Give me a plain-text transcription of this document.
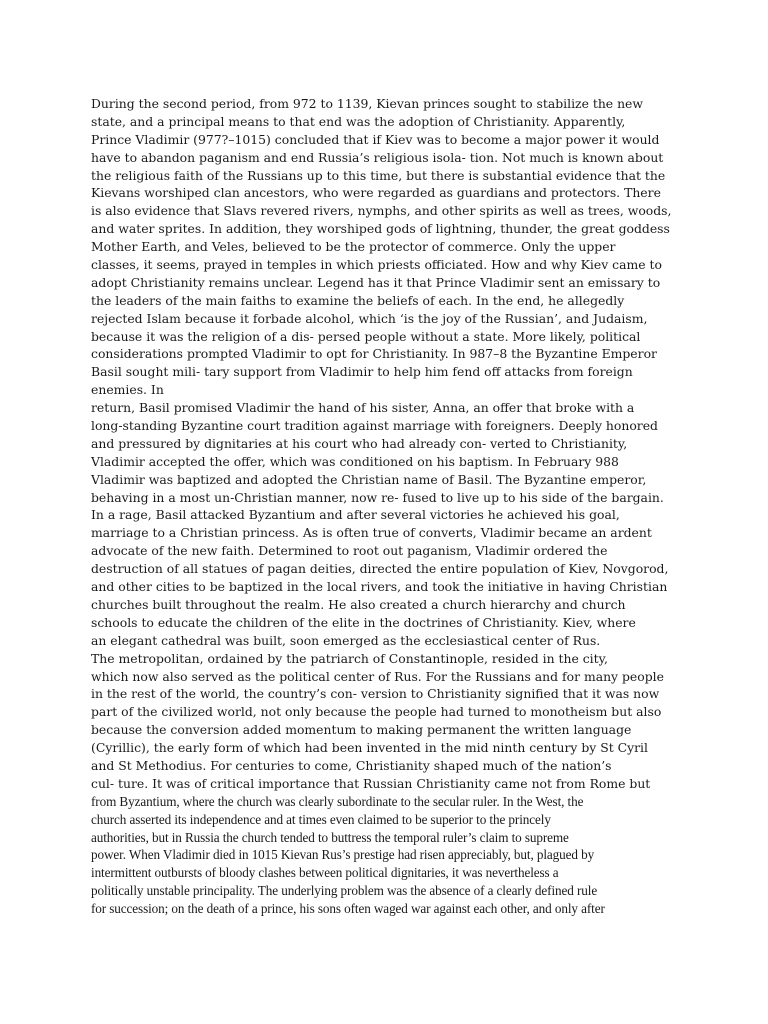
During the second period, from 972 to 1139, Kievan princes sought to stabilize the new
state, and a principal means to that end was the adoption of Christianity. Apparently,
Prince Vladimir (977?–1015) concluded that if Kiev was to become a major power it would
have to abandon paganism and end Russia’s religious isola- tion. Not much is known about
the religious faith of the Russians up to this time, but there is substantial evidence that the
Kievans worshiped clan ancestors, who were regarded as guardians and protectors. There
is also evidence that Slavs revered rivers, nymphs, and other spirits as well as trees, woods,
and water sprites. In addition, they worshiped gods of lightning, thunder, the great goddess
Mother Earth, and Veles, believed to be the protector of commerce. Only the upper
classes, it seems, prayed in temples in which priests officiated. How and why Kiev came to
adopt Christianity remains unclear. Legend has it that Prince Vladimir sent an emissary to
the leaders of the main faiths to examine the beliefs of each. In the end, he allegedly
rejected Islam because it forbade alcohol, which ‘is the joy of the Russian’, and Judaism,
because it was the religion of a dis- persed people without a state. More likely, political
considerations prompted Vladimir to opt for Christianity. In 987–8 the Byzantine Emperor
Basil sought mili- tary support from Vladimir to help him fend off attacks from foreign
enemies. In
return, Basil promised Vladimir the hand of his sister, Anna, an offer that broke with a
long-standing Byzantine court tradition against marriage with foreigners. Deeply honored
and pressured by dignitaries at his court who had already con- verted to Christianity,
Vladimir accepted the offer, which was conditioned on his baptism. In February 988
Vladimir was baptized and adopted the Christian name of Basil. The Byzantine emperor,
behaving in a most un-Christian manner, now re- fused to live up to his side of the bargain.
In a rage, Basil attacked Byzantium and after several victories he achieved his goal,
marriage to a Christian princess. As is often true of converts, Vladimir became an ardent
advocate of the new faith. Determined to root out paganism, Vladimir ordered the
destruction of all statues of pagan deities, directed the entire population of Kiev, Novgorod,
and other cities to be baptized in the local rivers, and took the initiative in having Christian
churches built throughout the realm. He also created a church hierarchy and church
schools to educate the children of the elite in the doctrines of Christianity. Kiev, where
an elegant cathedral was built, soon emerged as the ecclesiastical center of Rus.
The metropolitan, ordained by the patriarch of Constantinople, resided in the city,
which now also served as the political center of Rus. For the Russians and for many people
in the rest of the world, the country’s con- version to Christianity signified that it was now
part of the civilized world, not only because the people had turned to monotheism but also
because the conversion added momentum to making permanent the written language
(Cyrillic), the early form of which had been invented in the mid ninth century by St Cyril
and St Methodius. For centuries to come, Christianity shaped much of the nation’s
cul- ture. It was of critical importance that Russian Christianity came not from Rome but
from Byzantium, where the church was clearly subordinate to the secular ruler. In the West, the
church asserted its independence and at times even claimed to be superior to the princely
authorities, but in Russia the church tended to buttress the temporal ruler’s claim to supreme
power. When Vladimir died in 1015 Kievan Rus’s prestige had risen appreciably, but, plagued by
intermittent outbursts of bloody clashes between political dignitaries, it was nevertheless a
politically unstable principality. The underlying problem was the absence of a clearly defined rule
for succession; on the death of a prince, his sons often waged war against each other, and only after
